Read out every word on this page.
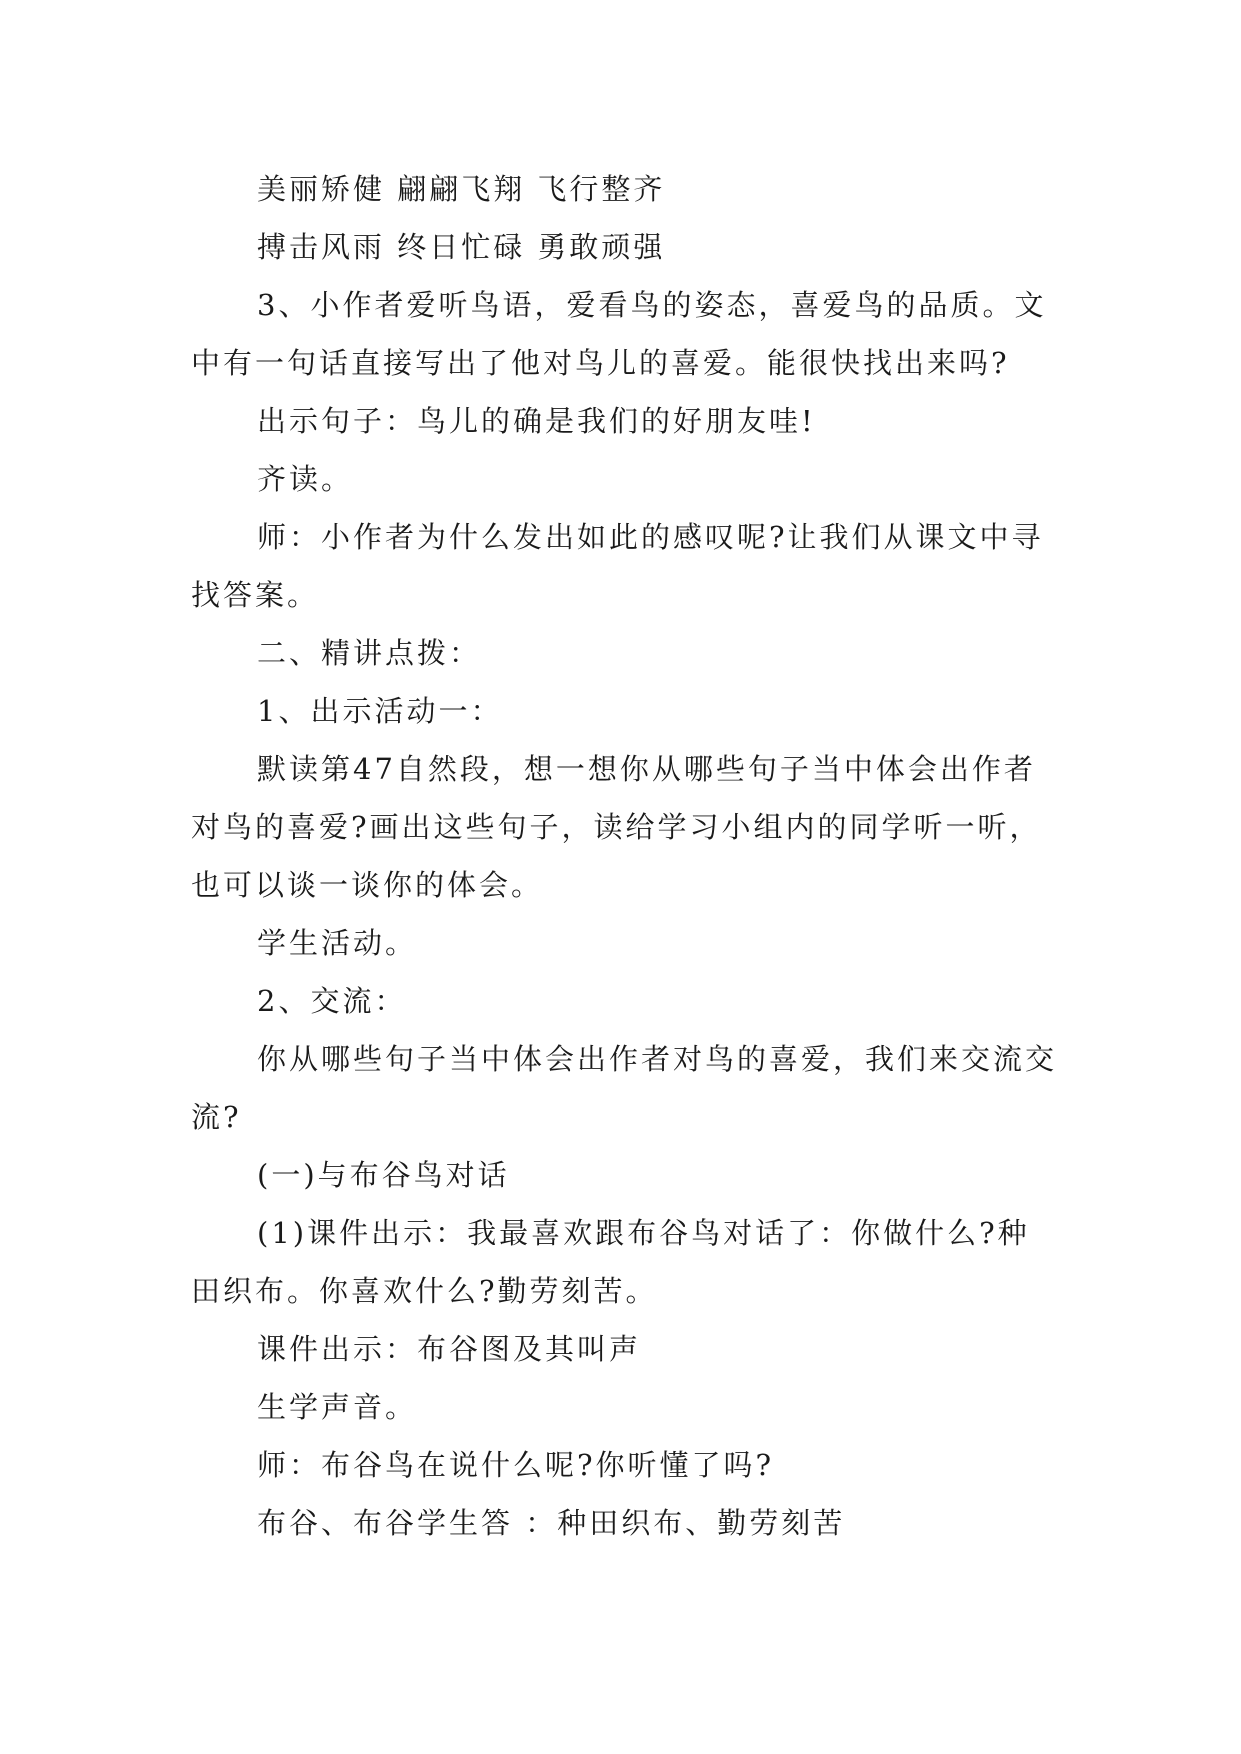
美丽矫健 翩翩飞翔 飞行整齐

搏击风雨 终日忙碌 勇敢顽强

3、小作者爱听鸟语，爱看鸟的姿态，喜爱鸟的品质。文中有一句话直接写出了他对鸟儿的喜爱。能很快找出来吗?

出示句子：鸟儿的确是我们的好朋友哇!

齐读。

师：小作者为什么发出如此的感叹呢?让我们从课文中寻找答案。

二、精讲点拨：

1、出示活动一：

默读第47自然段，想一想你从哪些句子当中体会出作者对鸟的喜爱?画出这些句子，读给学习小组内的同学听一听，也可以谈一谈你的体会。

学生活动。

2、交流：

你从哪些句子当中体会出作者对鸟的喜爱，我们来交流交流?

(一)与布谷鸟对话

(1)课件出示：我最喜欢跟布谷鸟对话了：你做什么?种田织布。你喜欢什么?勤劳刻苦。

课件出示：布谷图及其叫声

生学声音。

师：布谷鸟在说什么呢?你听懂了吗?

布谷、布谷学生答 ：种田织布、勤劳刻苦
